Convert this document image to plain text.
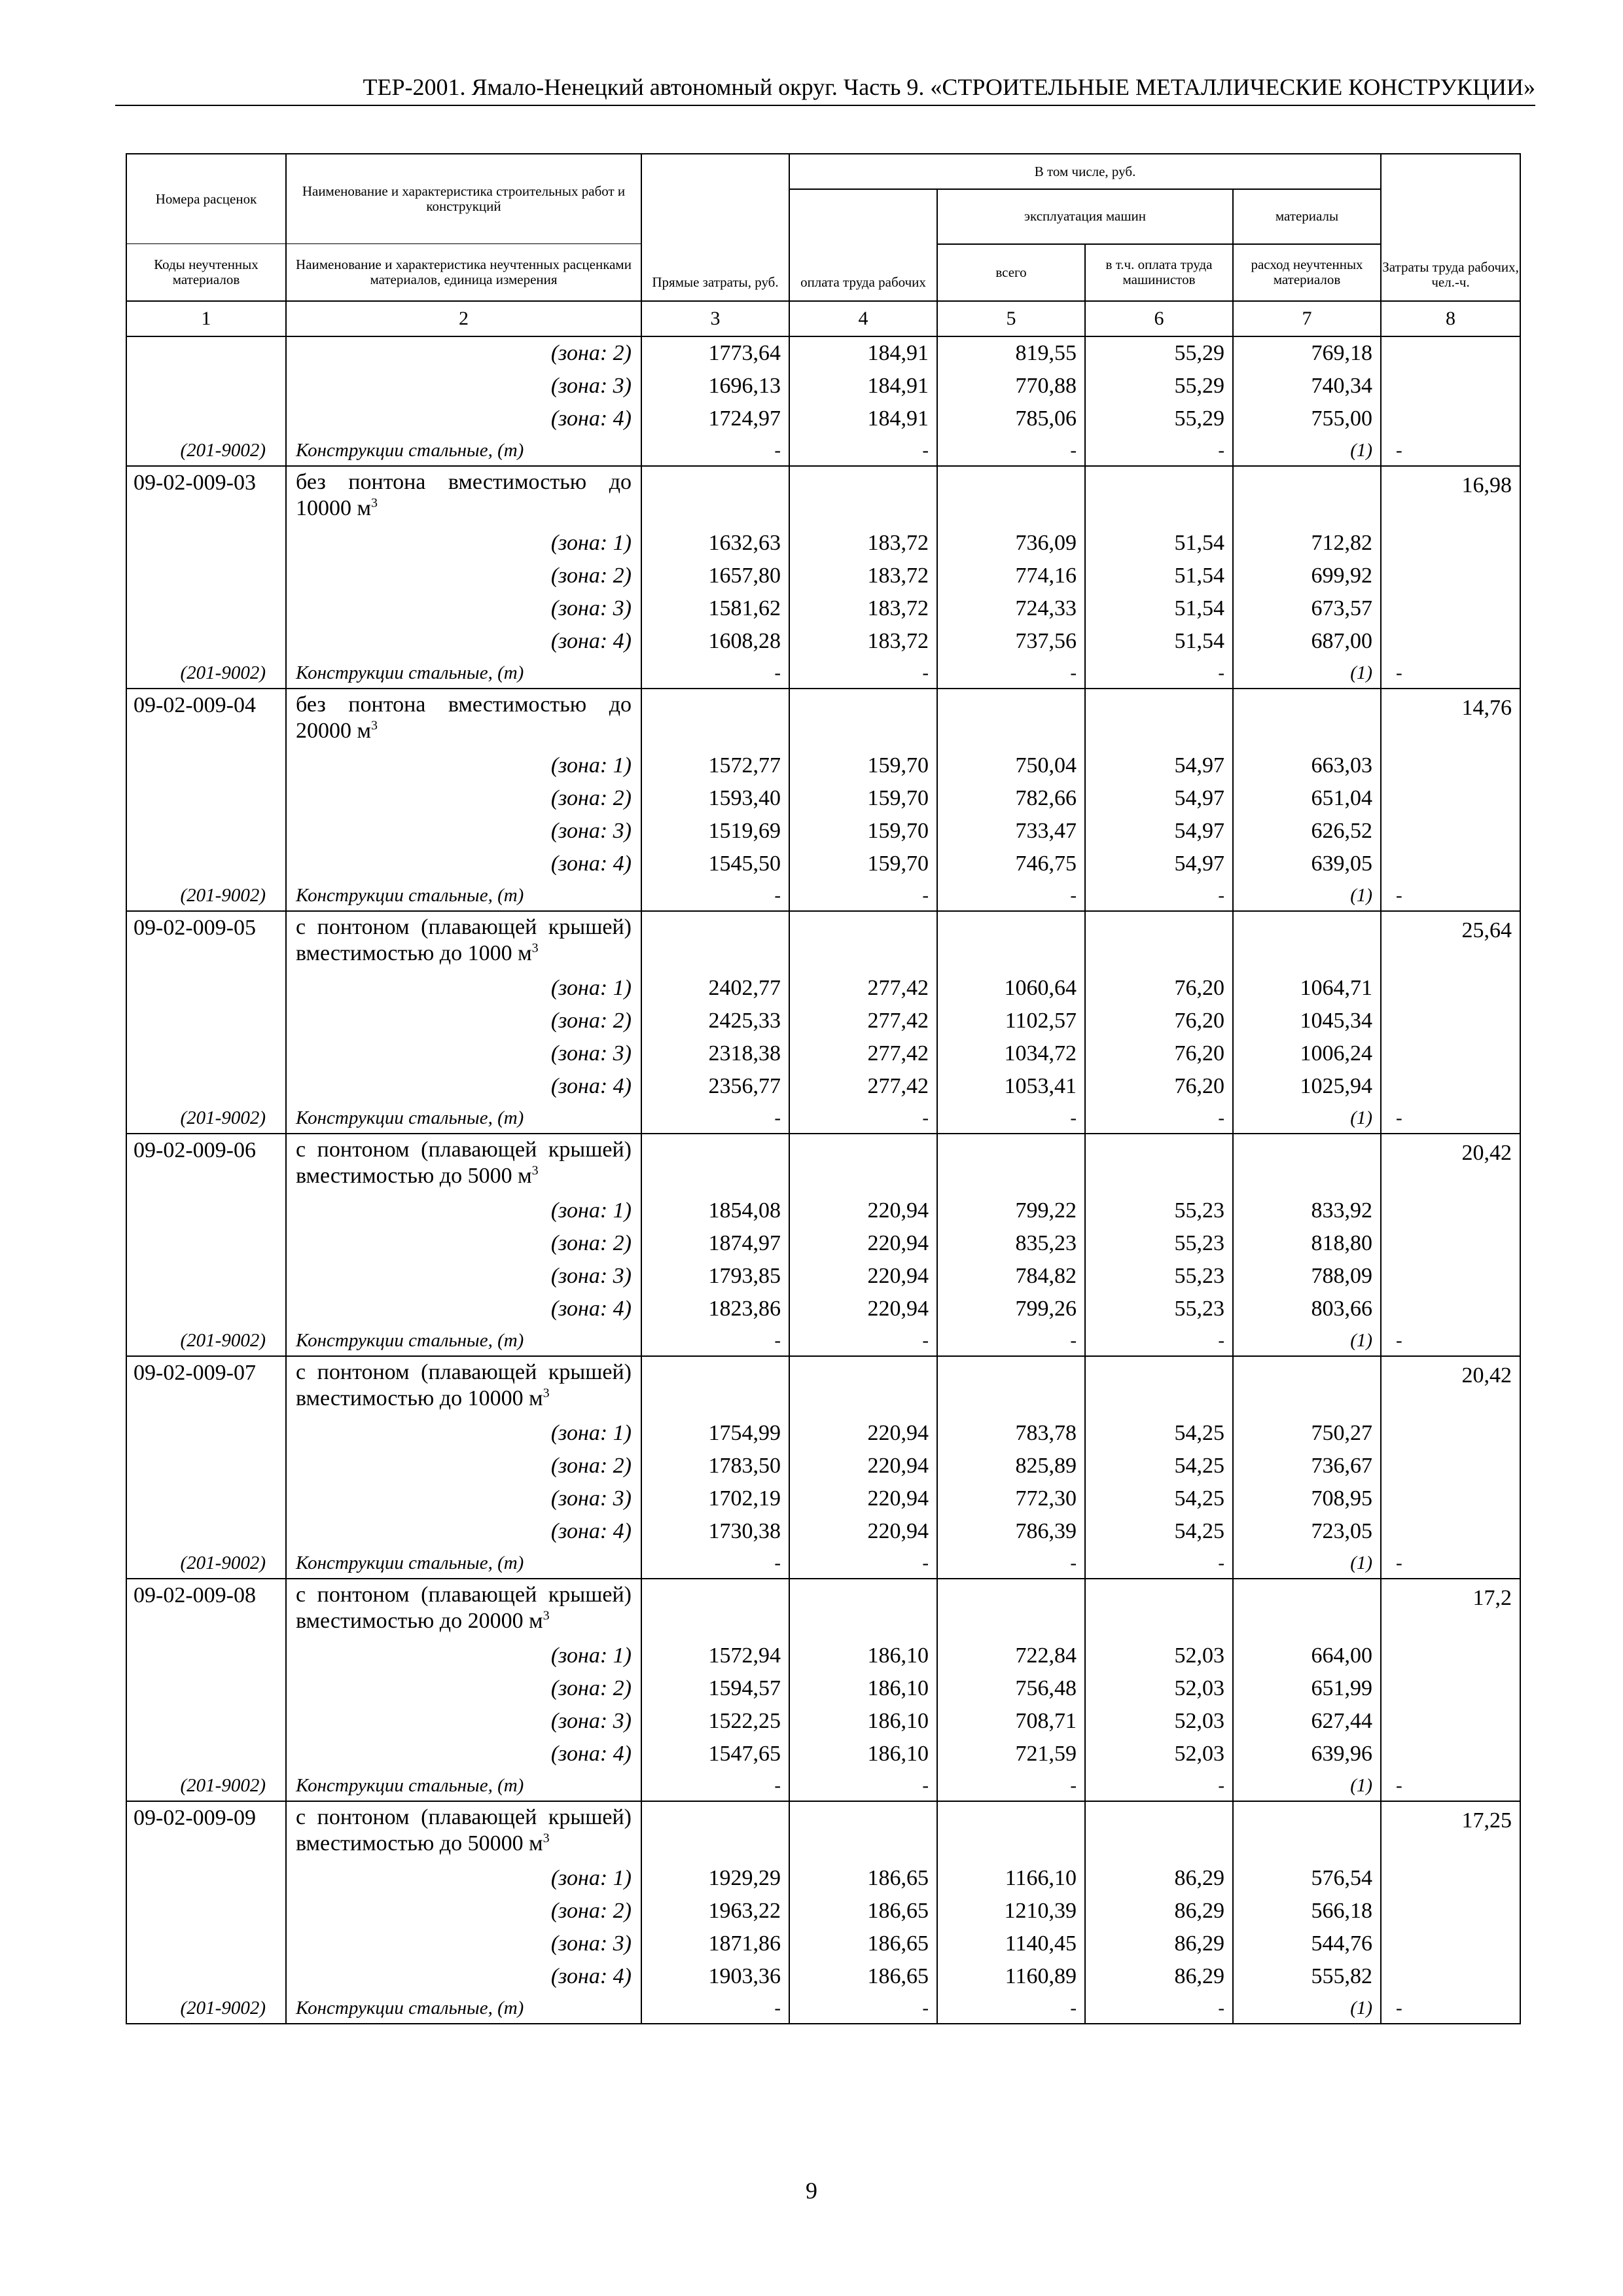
ТЕР-2001. Ямало-Ненецкий автономный округ. Часть 9. «СТРОИТЕЛЬНЫЕ МЕТАЛЛИЧЕСКИЕ КОНСТРУКЦИИ»
Номера расценок	Наименование и характеристика строительных работ и конструкций	Прямые затраты, руб.	В том числе, руб.				Затраты труда рабочих, чел.-ч.
			оплата труда рабочих	эксплуатация машин		материалы	
Коды неучтенных материалов	Наименование и характеристика неучтенных расценками материалов, единица измерения			всего	в т.ч. оплата труда машинистов	расход неучтенных материалов	
1	2	3	4	5	6	7	8
	(зона: 2)	1773,64	184,91	819,55	55,29	769,18	
	(зона: 3)	1696,13	184,91	770,88	55,29	740,34	
	(зона: 4)	1724,97	184,91	785,06	55,29	755,00	
(201-9002)	Конструкции стальные, (т)	-	-	-	-	(1)	-
09-02-009-03	без понтона вместимостью до 10000 $м^3$						16,98
	(зона: 1)	1632,63	183,72	736,09	51,54	712,82	
	(зона: 2)	1657,80	183,72	774,16	51,54	699,92	
	(зона: 3)	1581,62	183,72	724,33	51,54	673,57	
	(зона: 4)	1608,28	183,72	737,56	51,54	687,00	
(201-9002)	Конструкции стальные, (т)	-	-	-	-	(1)	-
09-02-009-04	без понтона вместимостью до 20000 $м^3$						14,76
	(зона: 1)	1572,77	159,70	750,04	54,97	663,03	
	(зона: 2)	1593,40	159,70	782,66	54,97	651,04	
	(зона: 3)	1519,69	159,70	733,47	54,97	626,52	
	(зона: 4)	1545,50	159,70	746,75	54,97	639,05	
(201-9002)	Конструкции стальные, (т)	-	-	-	-	(1)	-
09-02-009-05	с понтоном (плавающей крышей) вместимостью до 1000 $м^3$						25,64
	(зона: 1)	2402,77	277,42	1060,64	76,20	1064,71	
	(зона: 2)	2425,33	277,42	1102,57	76,20	1045,34	
	(зона: 3)	2318,38	277,42	1034,72	76,20	1006,24	
	(зона: 4)	2356,77	277,42	1053,41	76,20	1025,94	
(201-9002)	Конструкции стальные, (т)	-	-	-	-	(1)	-
09-02-009-06	с понтоном (плавающей крышей) вместимостью до 5000 $м^3$						20,42
	(зона: 1)	1854,08	220,94	799,22	55,23	833,92	
	(зона: 2)	1874,97	220,94	835,23	55,23	818,80	
	(зона: 3)	1793,85	220,94	784,82	55,23	788,09	
	(зона: 4)	1823,86	220,94	799,26	55,23	803,66	
(201-9002)	Конструкции стальные, (т)	-	-	-	-	(1)	-
09-02-009-07	с понтоном (плавающей крышей) вместимостью до 10000 $м^3$						20,42
	(зона: 1)	1754,99	220,94	783,78	54,25	750,27	
	(зона: 2)	1783,50	220,94	825,89	54,25	736,67	
	(зона: 3)	1702,19	220,94	772,30	54,25	708,95	
	(зона: 4)	1730,38	220,94	786,39	54,25	723,05	
(201-9002)	Конструкции стальные, (т)	-	-	-	-	(1)	-
09-02-009-08	с понтоном (плавающей крышей) вместимостью до 20000 $м^3$						17,2
	(зона: 1)	1572,94	186,10	722,84	52,03	664,00	
	(зона: 2)	1594,57	186,10	756,48	52,03	651,99	
	(зона: 3)	1522,25	186,10	708,71	52,03	627,44	
	(зона: 4)	1547,65	186,10	721,59	52,03	639,96	
(201-9002)	Конструкции стальные, (т)	-	-	-	-	(1)	-
09-02-009-09	с понтоном (плавающей крышей) вместимостью до 50000 $м^3$						17,25
	(зона: 1)	1929,29	186,65	1166,10	86,29	576,54	
	(зона: 2)	1963,22	186,65	1210,39	86,29	566,18	
	(зона: 3)	1871,86	186,65	1140,45	86,29	544,76	
	(зона: 4)	1903,36	186,65	1160,89	86,29	555,82	
(201-9002)	Конструкции стальные, (т)	-	-	-	-	(1)	-
9
